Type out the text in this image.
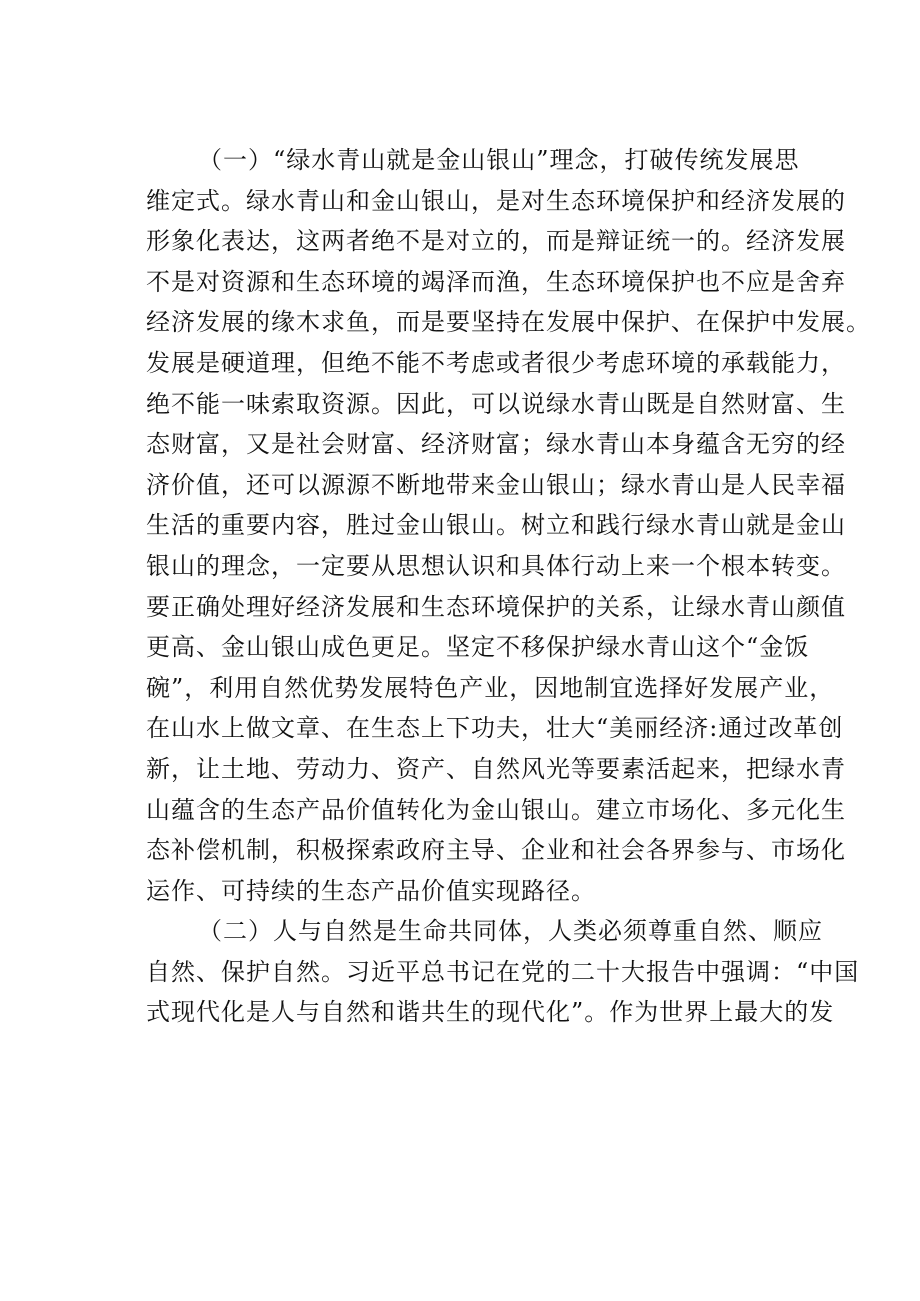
（一）“绿水青山就是金山银山”理念，打破传统发展思
维定式。绿水青山和金山银山，是对生态环境保护和经济发展的
形象化表达，这两者绝不是对立的，而是辩证统一的。经济发展
不是对资源和生态环境的竭泽而渔，生态环境保护也不应是舍弃
经济发展的缘木求鱼，而是要坚持在发展中保护、在保护中发展。
发展是硬道理，但绝不能不考虑或者很少考虑环境的承载能力，
绝不能一味索取资源。因此，可以说绿水青山既是自然财富、生
态财富，又是社会财富、经济财富；绿水青山本身蕴含无穷的经
济价值，还可以源源不断地带来金山银山；绿水青山是人民幸福
生活的重要内容，胜过金山银山。树立和践行绿水青山就是金山
银山的理念，一定要从思想认识和具体行动上来一个根本转变。
要正确处理好经济发展和生态环境保护的关系，让绿水青山颜值
更高、金山银山成色更足。坚定不移保护绿水青山这个“金饭
碗”，利用自然优势发展特色产业，因地制宜选择好发展产业，
在山水上做文章、在生态上下功夫，壮大“美丽经济:通过改革创
新，让土地、劳动力、资产、自然风光等要素活起来，把绿水青
山蕴含的生态产品价值转化为金山银山。建立市场化、多元化生
态补偿机制，积极探索政府主导、企业和社会各界参与、市场化
运作、可持续的生态产品价值实现路径。
（二）人与自然是生命共同体，人类必须尊重自然、顺应
自然、保护自然。习近平总书记在党的二十大报告中强调：“中国
式现代化是人与自然和谐共生的现代化”。作为世界上最大的发
